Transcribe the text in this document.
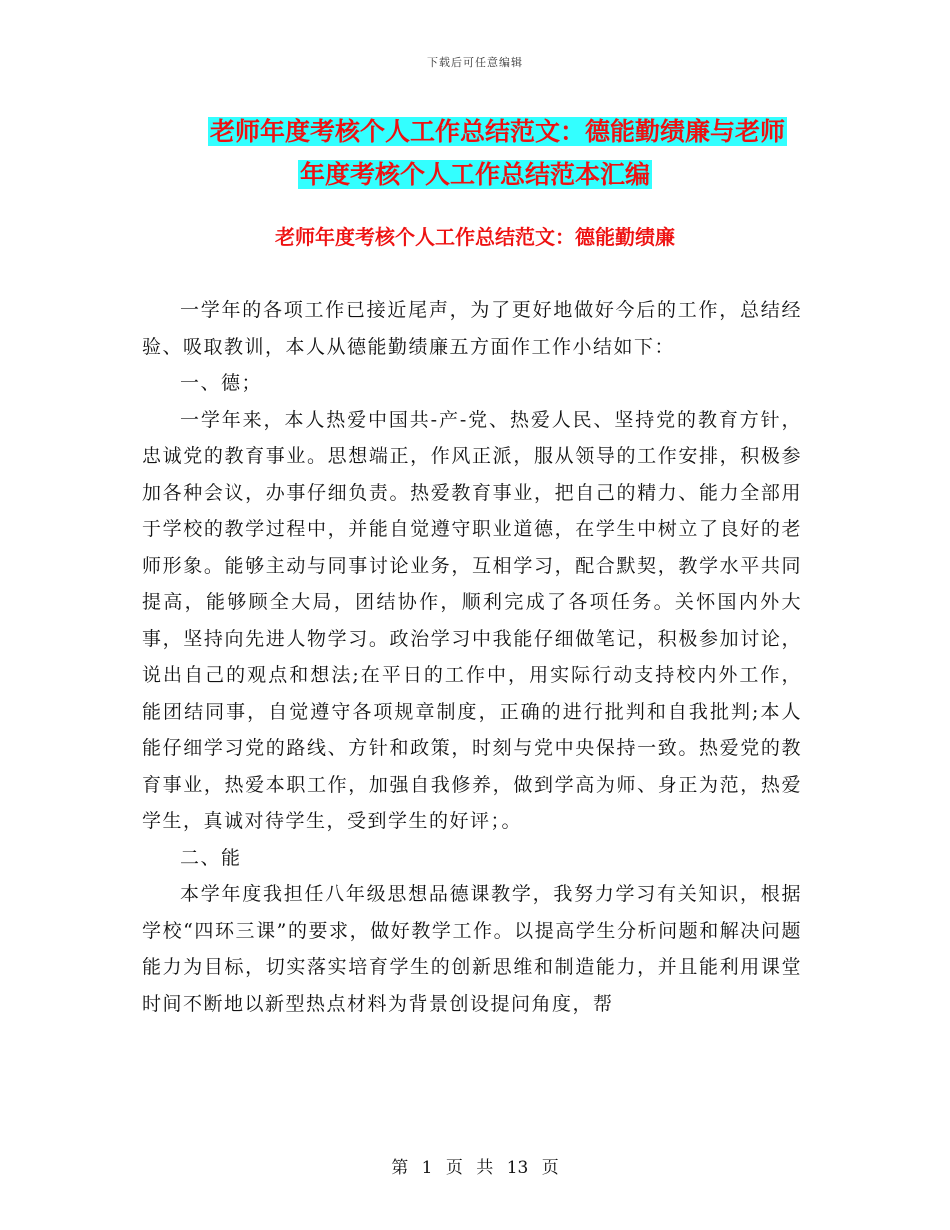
下载后可任意编辑
老师年度考核个人工作总结范文：德能勤绩廉与老师
年度考核个人工作总结范本汇编
老师年度考核个人工作总结范文：德能勤绩廉

一学年的各项工作已接近尾声，为了更好地做好今后的工作，总结经验、吸取教训，本人从德能勤绩廉五方面作工作小结如下：

一、德；

一学年来，本人热爱中国共-产-党、热爱人民、坚持党的教育方针，忠诚党的教育事业。思想端正，作风正派，服从领导的工作安排，积极参加各种会议，办事仔细负责。热爱教育事业，把自己的精力、能力全部用于学校的教学过程中，并能自觉遵守职业道德，在学生中树立了良好的老师形象。能够主动与同事讨论业务，互相学习，配合默契，教学水平共同提高，能够顾全大局，团结协作，顺利完成了各项任务。关怀国内外大事，坚持向先进人物学习。政治学习中我能仔细做笔记，积极参加讨论，说出自己的观点和想法;在平日的工作中，用实际行动支持校内外工作，能团结同事，自觉遵守各项规章制度，正确的进行批判和自我批判;本人能仔细学习党的路线、方针和政策，时刻与党中央保持一致。热爱党的教育事业，热爱本职工作，加强自我修养，做到学高为师、身正为范，热爱学生，真诚对待学生，受到学生的好评；。

二、能

本学年度我担任八年级思想品德课教学，我努力学习有关知识，根据学校“四环三课”的要求，做好教学工作。以提高学生分析问题和解决问题能力为目标，切实落实培育学生的创新思维和制造能力，并且能利用课堂时间不断地以新型热点材料为背景创设提问角度，帮

第 1 页 共 13 页
